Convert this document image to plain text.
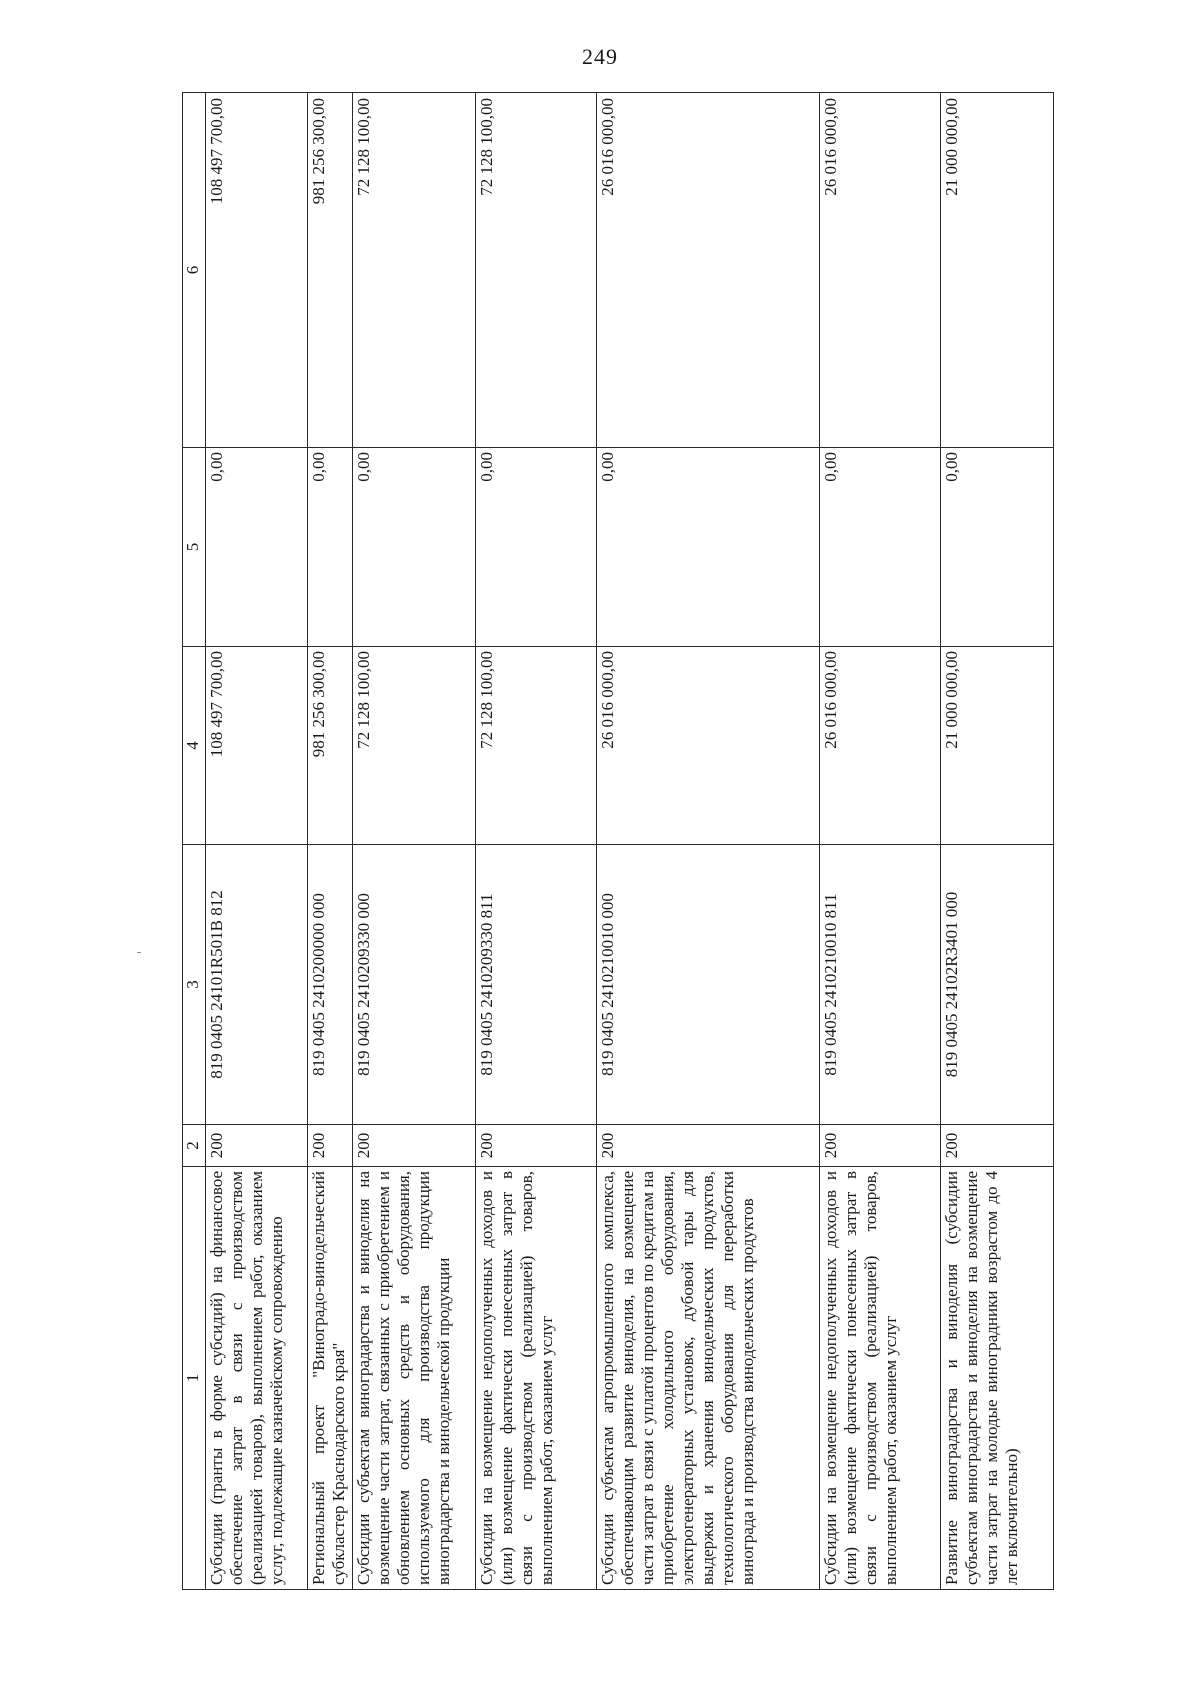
249
1	2	3	4	5	6
Субсидии (гранты в форме субсидий) на финансовое обеспечение затрат в связи с производством (реализацией товаров), выполнением работ, оказанием услуг, подлежащие казначейскому сопровождению	200	819 0405 24101R501В 812	108 497 700,00	0,00	108 497 700,00
Региональный проект "Виноградо-винодельческий субкластер Краснодарского края"	200	819 0405 2410200000 000	981 256 300,00	0,00	981 256 300,00
Субсидии субъектам виноградарства и виноделия на возмещение части затрат, связанных с приобретением и обновлением основных средств и оборудования, используемого для производства продукции виноградарства и винодельческой продукции	200	819 0405 2410209330 000	72 128 100,00	0,00	72 128 100,00
Субсидии на возмещение недополученных доходов и (или) возмещение фактически понесенных затрат в связи с производством (реализацией) товаров, выполнением работ, оказанием услуг	200	819 0405 2410209330 811	72 128 100,00	0,00	72 128 100,00
Субсидии субъектам агропромышленного комплекса, обеспечивающим развитие виноделия, на возмещение части затрат в связи с уплатой процентов по кредитам на приобретение холодильного оборудования, электрогенераторных установок, дубовой тары для выдержки и хранения винодельческих продуктов, технологического оборудования для переработки винограда и производства винодельческих продуктов	200	819 0405 2410210010 000	26 016 000,00	0,00	26 016 000,00
Субсидии на возмещение недополученных доходов и (или) возмещение фактически понесенных затрат в связи с производством (реализацией) товаров, выполнением работ, оказанием услуг	200	819 0405 2410210010 811	26 016 000,00	0,00	26 016 000,00
Развитие виноградарства и виноделия (субсидии субъектам виноградарства и виноделия на возмещение части затрат на молодые виноградники возрастом до 4 лет включительно)	200	819 0405 24102R3401 000	21 000 000,00	0,00	21 000 000,00
